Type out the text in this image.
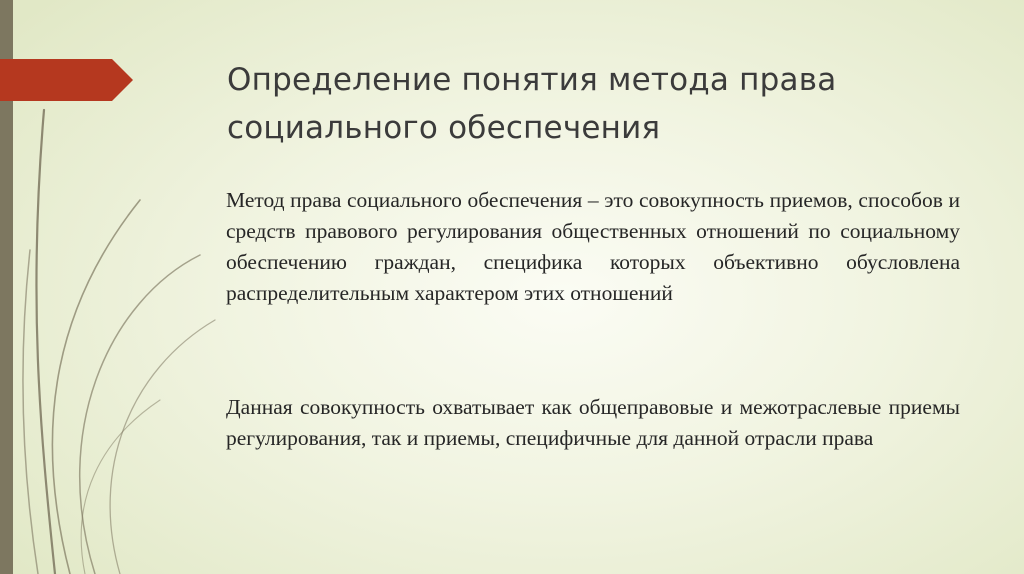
Определение понятия метода права социального обеспечения

Метод права социального обеспечения – это совокупность приемов, способов и средств правового регулирования общественных отношений по социальному обеспечению граждан, специфика которых объективно обусловлена распределительным характером этих отношений

Данная совокупность охватывает как общеправовые и межотраслевые приемы регулирования, так и приемы, специфичные для данной отрасли права
